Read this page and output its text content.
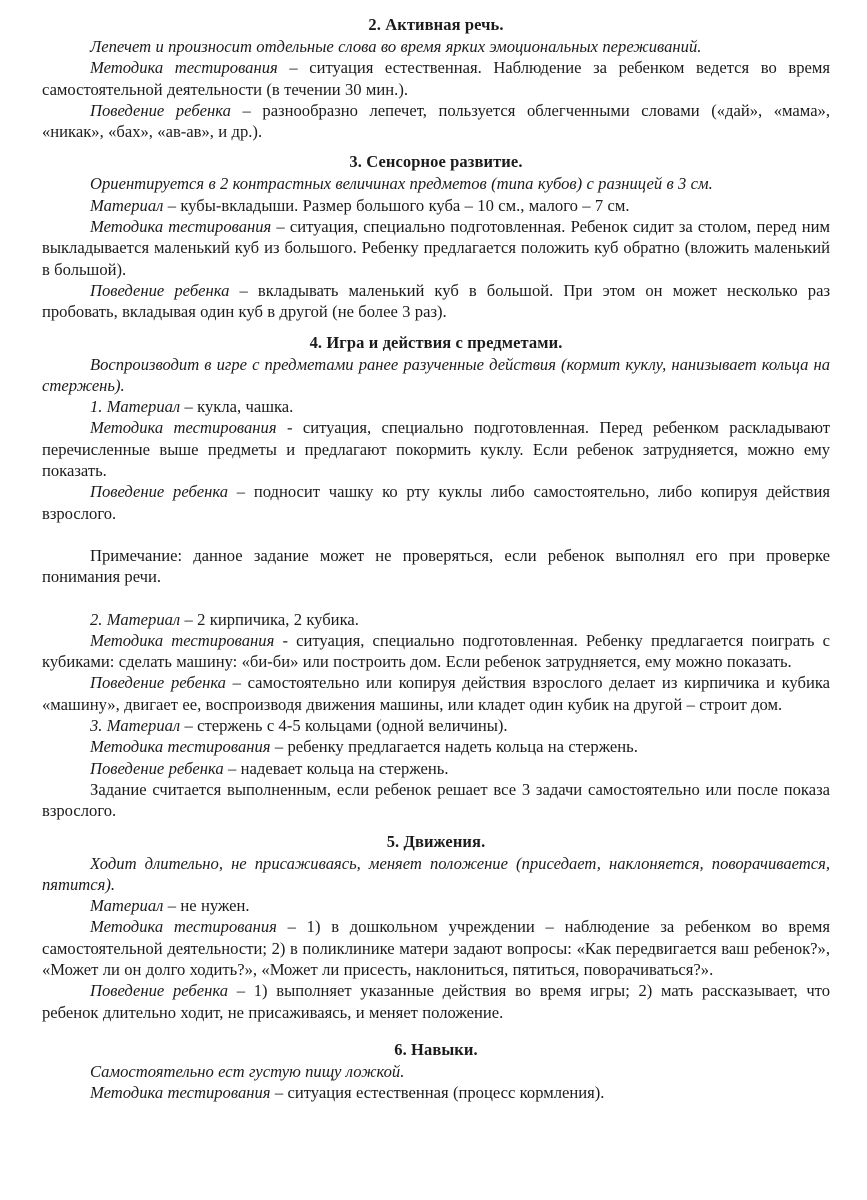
2. Активная речь.

Лепечет и произносит отдельные слова во время ярких эмоциональных переживаний.

Методика тестирования – ситуация естественная. Наблюдение за ребенком ведется во время самостоятельной деятельности (в течении 30 мин.).

Поведение ребенка – разнообразно лепечет, пользуется облегченными словами («дай», «мама», «никак», «бах», «ав-ав», и др.).

3. Сенсорное развитие.

Ориентируется в 2 контрастных величинах предметов (типа кубов) с разницей в 3 см.

Материал – кубы-вкладыши. Размер большого куба – 10 см., малого – 7 см.

Методика тестирования – ситуация, специально подготовленная. Ребенок сидит за столом, перед ним выкладывается маленький куб из большого. Ребенку предлагается положить куб обратно (вложить маленький в большой).

Поведение ребенка – вкладывать маленький куб в большой. При этом он может несколько раз пробовать, вкладывая один куб в другой (не более 3 раз).

4. Игра и действия с предметами.

Воспроизводит в игре с предметами ранее разученные действия (кормит куклу, нанизывает кольца на стержень).

1. Материал – кукла, чашка.

Методика тестирования - ситуация, специально подготовленная. Перед ребенком раскладывают перечисленные выше предметы и предлагают покормить куклу. Если ребенок затрудняется, можно ему показать.

Поведение ребенка – подносит чашку ко рту куклы либо самостоятельно, либо копируя действия взрослого.

Примечание: данное задание может не проверяться, если ребенок выполнял его при проверке понимания речи.

2. Материал – 2 кирпичика, 2 кубика.

Методика тестирования - ситуация, специально подготовленная. Ребенку предлагается поиграть с кубиками: сделать машину: «би-би» или построить дом. Если ребенок затрудняется, ему можно показать.

Поведение ребенка – самостоятельно или копируя действия взрослого делает из кирпичика и кубика «машину», двигает ее, воспроизводя движения машины, или кладет один кубик на другой – строит дом.

3. Материал – стержень с 4-5 кольцами (одной величины).

Методика тестирования – ребенку предлагается надеть кольца на стержень.

Поведение ребенка – надевает кольца на стержень.

Задание считается выполненным, если ребенок решает все 3 задачи самостоятельно или после показа взрослого.

5. Движения.

Ходит длительно, не присаживаясь, меняет положение (приседает, наклоняется, поворачивается, пятится).

Материал – не нужен.

Методика тестирования – 1) в дошкольном учреждении – наблюдение за ребенком во время самостоятельной деятельности; 2) в поликлинике матери задают вопросы: «Как передвигается ваш ребенок?», «Может ли он долго ходить?», «Может ли присесть, наклониться, пятиться, поворачиваться?».

Поведение ребенка – 1) выполняет указанные действия во время игры; 2) мать рассказывает, что ребенок длительно ходит, не присаживаясь, и меняет положение.

6. Навыки.

Самостоятельно ест густую пищу ложкой.

Методика тестирования – ситуация естественная (процесс кормления).
